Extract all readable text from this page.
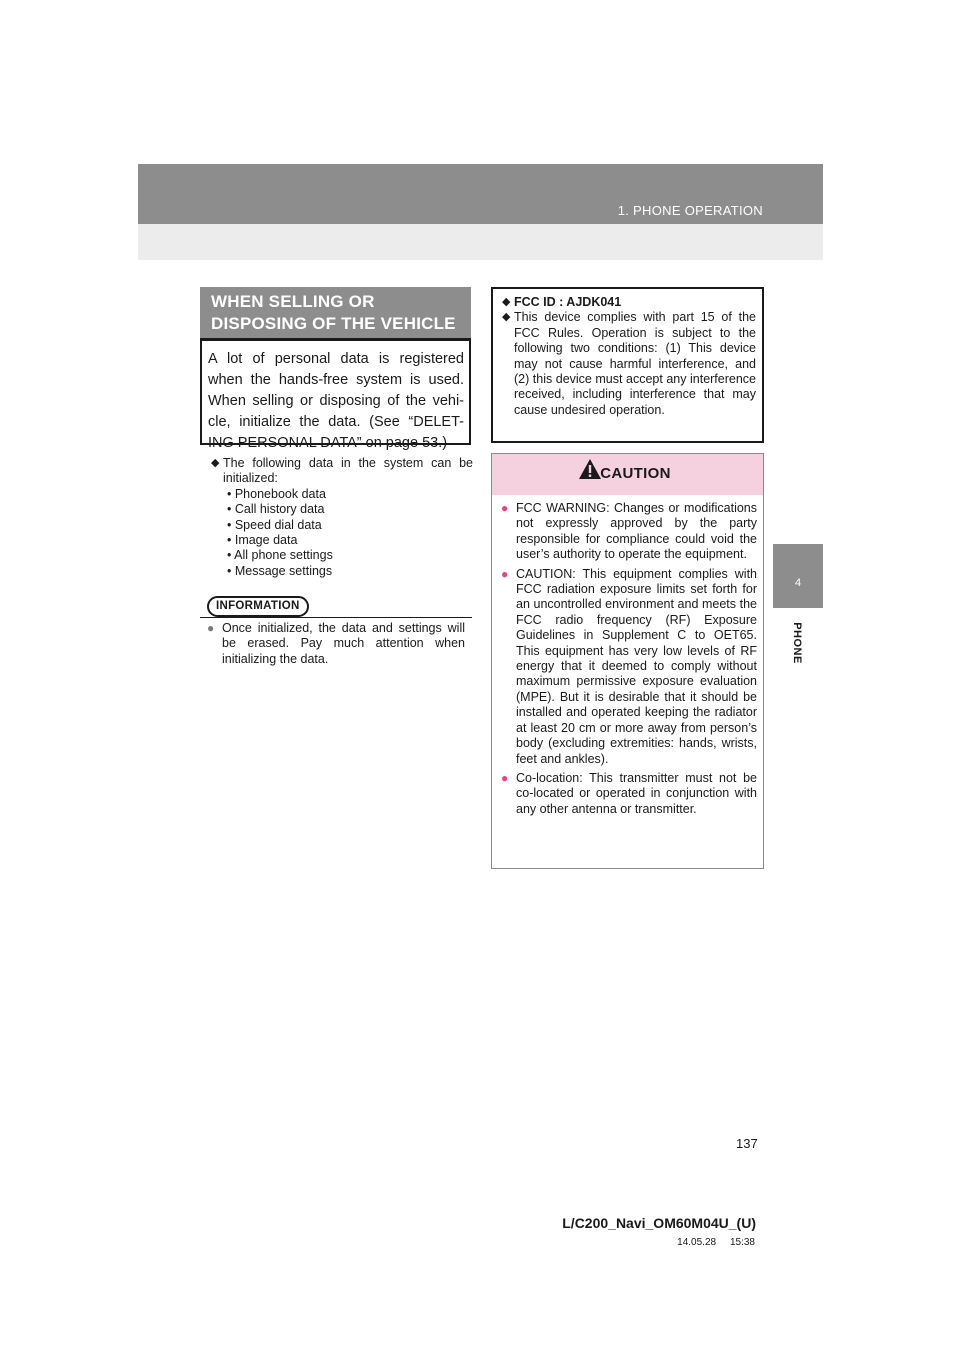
1. PHONE OPERATION
4
PHONE
WHEN SELLING OR DISPOSING OF THE VEHICLE
A lot of personal data is registered when the hands-free system is used. When selling or disposing of the vehi-cle, initialize the data. (See “DELET-ING PERSONAL DATA” on page 53.)
◆ The following data in the system can be initialized:
• Phonebook data
• Call history data
• Speed dial data
• Image data
• All phone settings
• Message settings
INFORMATION
● Once initialized, the data and settings will be erased. Pay much attention when initializing the data.
◆ FCC ID : AJDK041
◆ This device complies with part 15 of the FCC Rules. Operation is subject to the following two conditions: (1) This device may not cause harmful interference, and (2) this device must accept any interference received, including interference that may cause undesired operation.
CAUTION
● FCC WARNING: Changes or modifications not expressly approved by the party responsible for compliance could void the user’s authority to operate the equipment.
● CAUTION: This equipment complies with FCC radiation exposure limits set forth for an uncontrolled environment and meets the FCC radio frequency (RF) Exposure Guidelines in Supplement C to OET65. This equipment has very low levels of RF energy that it deemed to comply without maximum permissive exposure evaluation (MPE). But it is desirable that it should be installed and operated keeping the radiator at least 20 cm or more away from person’s body (excluding extremities: hands, wrists, feet and ankles).
● Co-location: This transmitter must not be co-located or operated in conjunction with any other antenna or transmitter.
137
L/C200_Navi_OM60M04U_(U)
14.05.28     15:38
